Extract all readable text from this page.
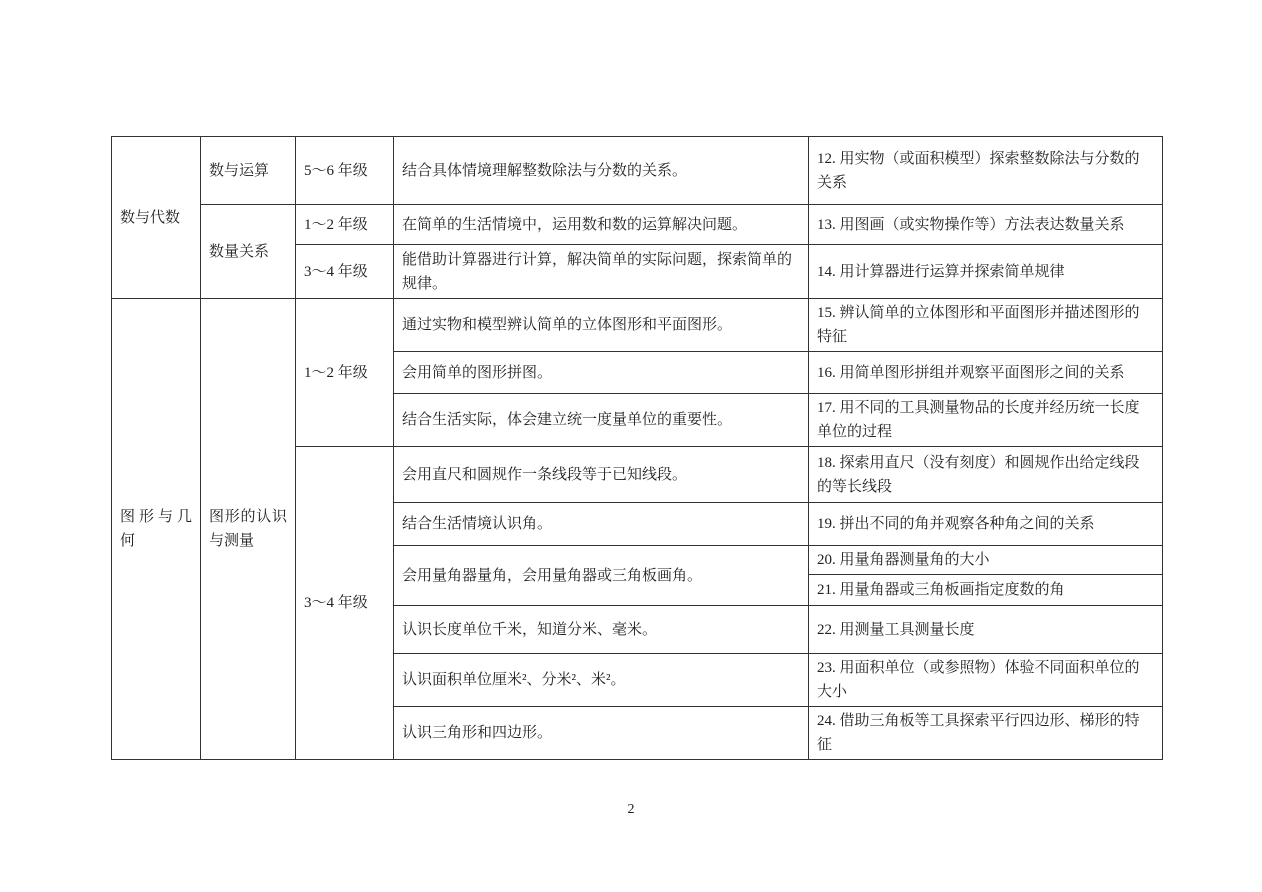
数与代数	数与运算	5～6 年级	结合具体情境理解整数除法与分数的关系。	12. 用实物（或面积模型）探索整数除法与分数的关系
	数量关系	1～2 年级	在简单的生活情境中，运用数和数的运算解决问题。	13. 用图画（或实物操作等）方法表达数量关系
		3～4 年级	能借助计算器进行计算，解决简单的实际问题，探索简单的规律。	14. 用计算器进行运算并探索简单规律
图形与几何	图形的认识与测量	1～2 年级	通过实物和模型辨认简单的立体图形和平面图形。	15. 辨认简单的立体图形和平面图形并描述图形的特征
			会用简单的图形拼图。	16. 用简单图形拼组并观察平面图形之间的关系
			结合生活实际，体会建立统一度量单位的重要性。	17. 用不同的工具测量物品的长度并经历统一长度单位的过程
		3～4 年级	会用直尺和圆规作一条线段等于已知线段。	18. 探索用直尺（没有刻度）和圆规作出给定线段的等长线段
			结合生活情境认识角。	19. 拼出不同的角并观察各种角之间的关系
			会用量角器量角，会用量角器或三角板画角。	20. 用量角器测量角的大小
				21. 用量角器或三角板画指定度数的角
			认识长度单位千米，知道分米、毫米。	22. 用测量工具测量长度
			认识面积单位厘米²、分米²、米²。	23. 用面积单位（或参照物）体验不同面积单位的大小
			认识三角形和四边形。	24. 借助三角板等工具探索平行四边形、梯形的特征
2
